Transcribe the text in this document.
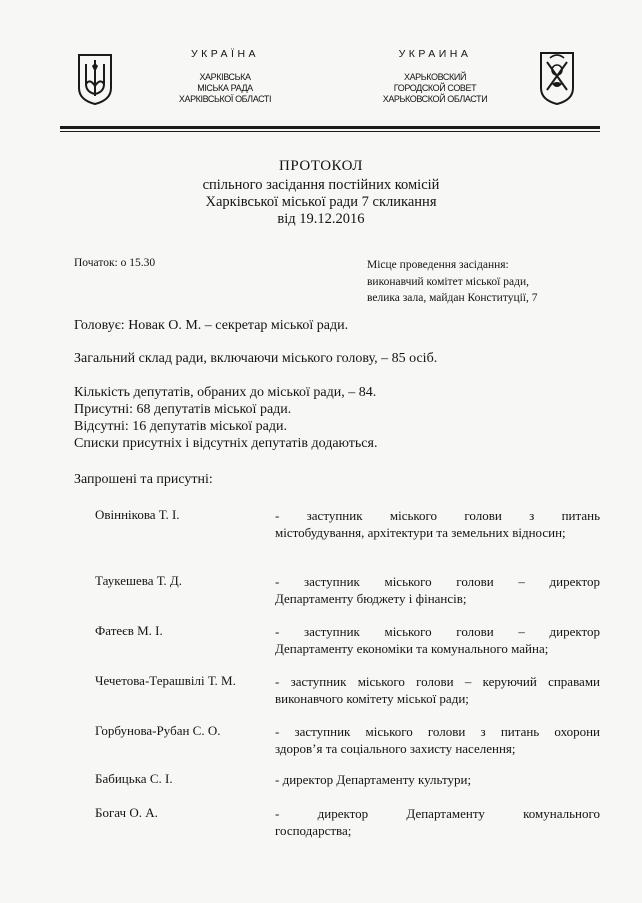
УКРАЇНА
ХАРКІВСЬКА
МІСЬКА РАДА
ХАРКІВСЬКОЇ ОБЛАСТІ
УКРАИНА
ХАРЬКОВСКИЙ
ГОРОДСКОЙ СОВЕТ
ХАРЬКОВСКОЙ ОБЛАСТИ
ПРОТОКОЛ
спільного засідання постійних комісій
Харківської міської ради 7 скликання
від 19.12.2016
Початок: о 15.30	Місце проведення засідання:
виконавчий комітет міської ради,
велика зала, майдан Конституції, 7
Головує: Новак О. М. – секретар міської ради.
Загальний склад ради, включаючи міського голову, – 85 осіб.
Кількість депутатів, обраних до міської ради, – 84.
Присутні: 68 депутатів міської ради.
Відсутні: 16 депутатів міської ради.
Списки присутніх і відсутніх депутатів додаються.
Запрошені та присутні:
Овіннікова Т. І.	- заступник міського голови з питань
містобудування, архітектури та земельних відносин;
Таукешева Т. Д.	- заступник міського голови – директор
Департаменту бюджету і фінансів;
Фатеєв М. І.	- заступник міського голови – директор
Департаменту економіки та комунального майна;
Чечетова-Терашвілі Т. М.	- заступник міського голови – керуючий справами
виконавчого комітету міської ради;
Горбунова-Рубан С. О.	- заступник міського голови з питань охорони
здоров’я та соціального захисту населення;
Бабицька С. І.	- директор Департаменту культури;
Богач О. А.	- директор Департаменту комунального
господарства;
